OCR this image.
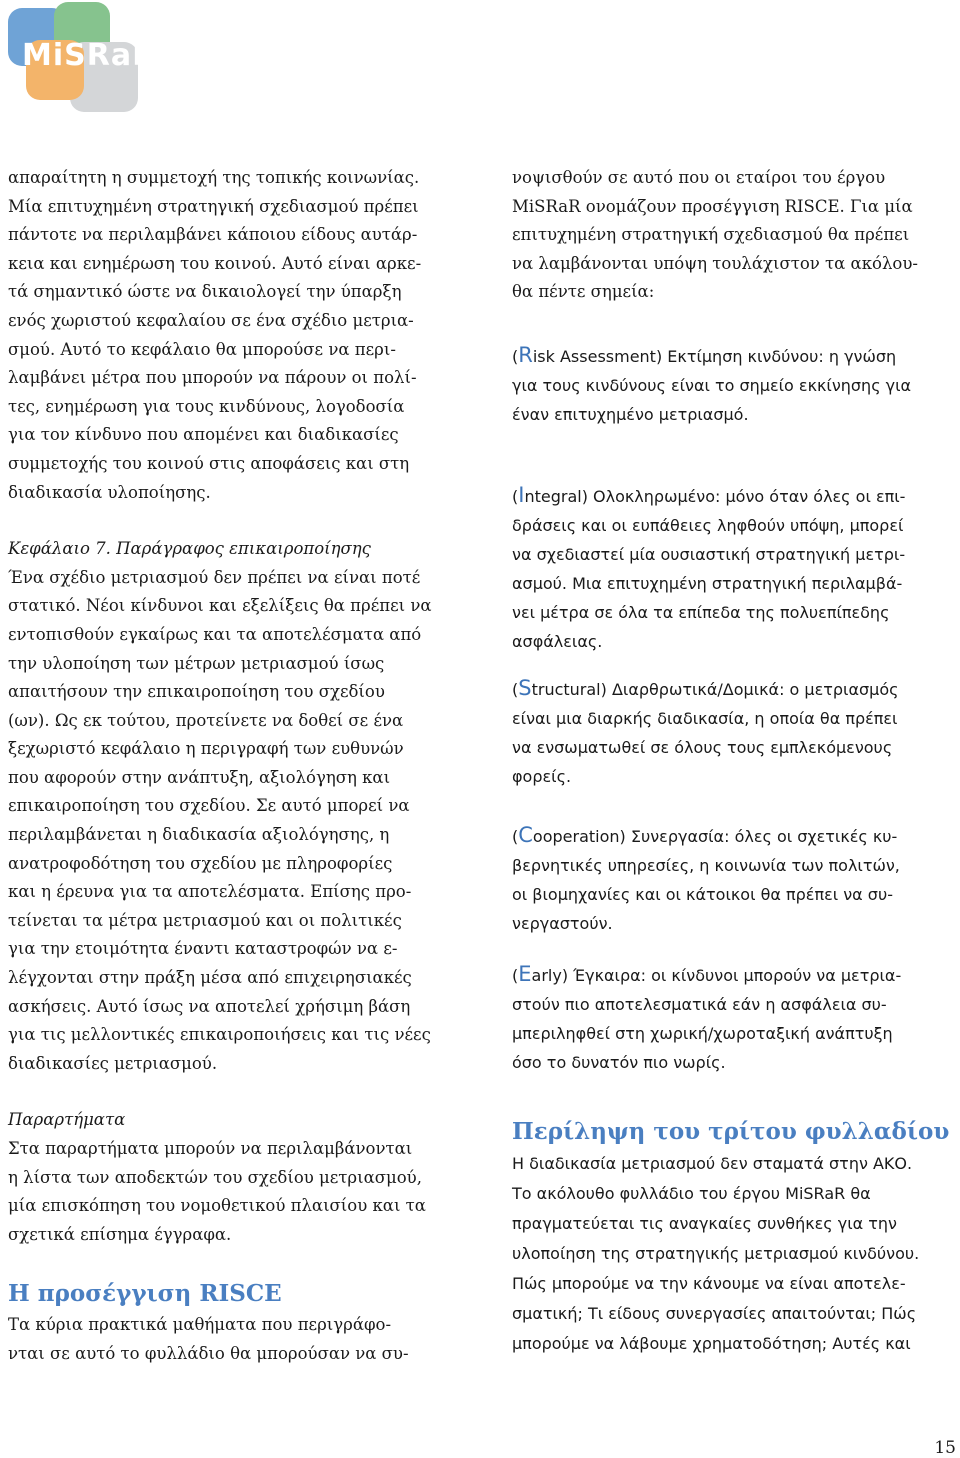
MiSRaR

απαραίτητη η συμμετοχή της τοπικής κοινωνίας.

Μία επιτυχημένη στρατηγική σχεδιασμού πρέπει

πάντοτε να περιλαμβάνει κάποιου είδους αυτάρ-

κεια και ενημέρωση του κοινού. Αυτό είναι αρκε-

τά σημαντικό ώστε να δικαιολογεί την ύπαρξη

ενός χωριστού κεφαλαίου σε ένα σχέδιο μετρια-

σμού. Αυτό το κεφάλαιο θα μπορούσε να περι-

λαμβάνει μέτρα που μπορούν να πάρουν οι πολί-

τες, ενημέρωση για τους κινδύνους, λογοδοσία

για τον κίνδυνο που απομένει και διαδικασίες

συμμετοχής του κοινού στις αποφάσεις και στη

διαδικασία υλοποίησης.

Κεφάλαιο 7. Παράγραφος επικαιροποίησης

Ένα σχέδιο μετριασμού δεν πρέπει να είναι ποτέ

στατικό. Νέοι κίνδυνοι και εξελίξεις θα πρέπει να

εντοπισθούν εγκαίρως και τα αποτελέσματα από

την υλοποίηση των μέτρων μετριασμού ίσως

απαιτήσουν την επικαιροποίηση του σχεδίου

(ων). Ως εκ τούτου, προτείνετε να δοθεί σε ένα

ξεχωριστό κεφάλαιο η περιγραφή των ευθυνών

που αφορούν στην ανάπτυξη, αξιολόγηση και

επικαιροποίηση του σχεδίου. Σε αυτό μπορεί να

περιλαμβάνεται η διαδικασία αξιολόγησης, η

ανατροφοδότηση του σχεδίου με πληροφορίες

και η έρευνα για τα αποτελέσματα. Επίσης προ-

τείνεται τα μέτρα μετριασμού και οι πολιτικές

για την ετοιμότητα έναντι καταστροφών να ε-

λέγχονται στην πράξη μέσα από επιχειρησιακές

ασκήσεις. Αυτό ίσως να αποτελεί χρήσιμη βάση

για τις μελλοντικές επικαιροποιήσεις και τις νέες

διαδικασίες μετριασμού.

Παραρτήματα

Στα παραρτήματα μπορούν να περιλαμβάνονται

η λίστα των αποδεκτών του σχεδίου μετριασμού,

μία επισκόπηση του νομοθετικού πλαισίου και τα

σχετικά επίσημα έγγραφα.

Η προσέγγιση RISCE

Τα κύρια πρακτικά μαθήματα που περιγράφο-

νται σε αυτό το φυλλάδιο θα μπορούσαν να συ-

νοψισθούν σε αυτό που οι εταίροι του έργου

MiSRaR ονομάζουν προσέγγιση RISCE. Για μία

επιτυχημένη στρατηγική σχεδιασμού θα πρέπει

να λαμβάνονται υπόψη τουλάχιστον τα ακόλου-

θα πέντε σημεία:

(Risk Assessment) Εκτίμηση κινδύνου: η γνώση

για τους κινδύνους είναι το σημείο εκκίνησης για

έναν επιτυχημένο μετριασμό.

(Integral) Ολοκληρωμένο: μόνο όταν όλες οι επι-

δράσεις και οι ευπάθειες ληφθούν υπόψη, μπορεί

να σχεδιαστεί μία ουσιαστική στρατηγική μετρι-

ασμού. Μια επιτυχημένη στρατηγική περιλαμβά-

νει μέτρα σε όλα τα επίπεδα της πολυεπίπεδης

ασφάλειας.

(Structural) Διαρθρωτικά/Δομικά: ο μετριασμός

είναι μια διαρκής διαδικασία, η οποία θα πρέπει

να ενσωματωθεί σε όλους τους εμπλεκόμενους

φορείς.

(Cooperation) Συνεργασία: όλες οι σχετικές κυ-

βερνητικές υπηρεσίες, η κοινωνία των πολιτών,

οι βιομηχανίες και οι κάτοικοι θα πρέπει να συ-

νεργαστούν.

(Early) Έγκαιρα: οι κίνδυνοι μπορούν να μετρια-

στούν πιο αποτελεσματικά εάν η ασφάλεια συ-

μπεριληφθεί στη χωρική/χωροταξική ανάπτυξη

όσο το δυνατόν πιο νωρίς.

Περίληψη του τρίτου φυλλαδίου

Η διαδικασία μετριασμού δεν σταματά στην ΑΚΟ.

Το ακόλουθο φυλλάδιο του έργου MiSRaR θα

πραγματεύεται τις αναγκαίες συνθήκες για την

υλοποίηση της στρατηγικής μετριασμού κινδύνου.

Πώς μπορούμε να την κάνουμε να είναι αποτελε-

σματική; Τι είδους συνεργασίες απαιτούνται; Πώς

μπορούμε να λάβουμε χρηματοδότηση; Αυτές και

15
